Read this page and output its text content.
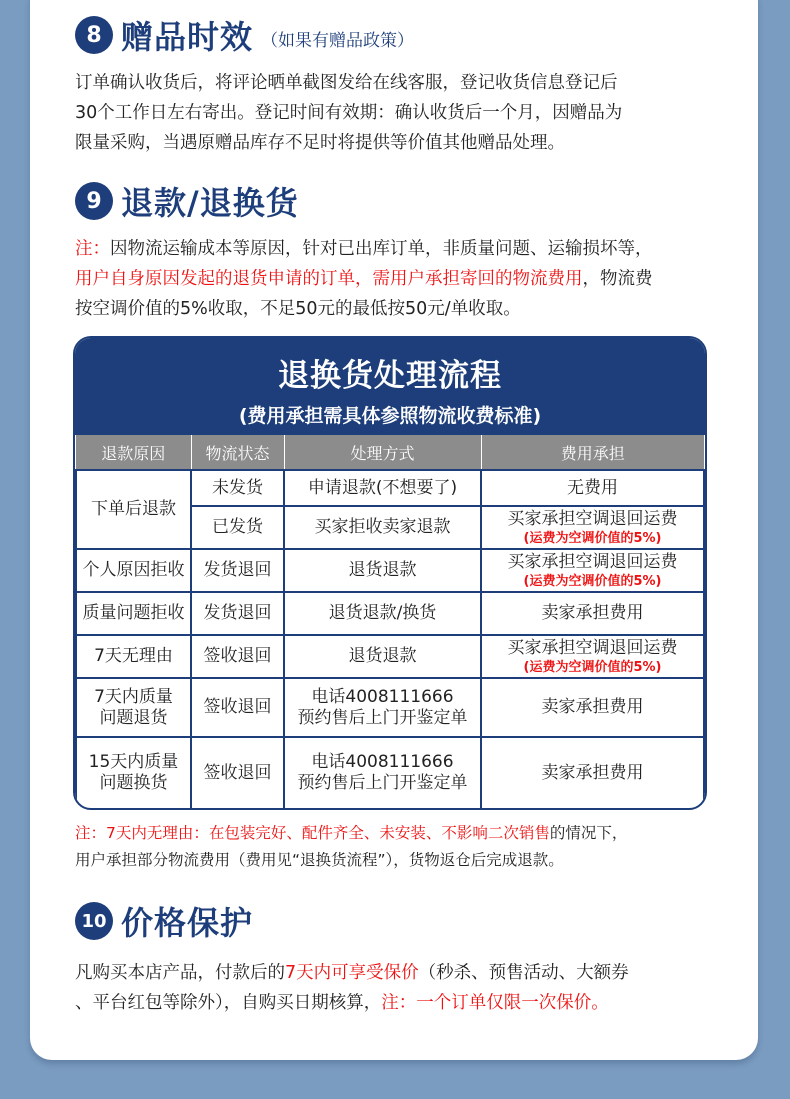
8 赠品时效 （如果有赠品政策）
订单确认收货后，将评论晒单截图发给在线客服，登记收货信息登记后
30个工作日左右寄出。登记时间有效期：确认收货后一个月，因赠品为
限量采购，当遇原赠品库存不足时将提供等价值其他赠品处理。
9 退款/退换货
注：因物流运输成本等原因，针对已出库订单，非质量问题、运输损坏等，
用户自身原因发起的退货申请的订单，需用户承担寄回的物流费用，物流费
按空调价值的5%收取，不足50元的最低按50元/单收取。
退换货处理流程
(费用承担需具体参照物流收费标准)
退款原因	物流状态	处理方式	费用承担
下单后退款	未发货	申请退款(不想要了)	无费用
	已发货	买家拒收卖家退款	买家承担空调退回运费
(运费为空调价值的5%)

个人原因拒收	发货退回	退货退款	买家承担空调退回运费
(运费为空调价值的5%)

质量问题拒收	发货退回	退货退款/换货	卖家承担费用
7天无理由	签收退回	退货退款	买家承担空调退回运费
(运费为空调价值的5%)

7天内质量
问题退货	签收退回	电话4008111666
预约售后上门开鉴定单	卖家承担费用

15天内质量
问题换货	签收退回	电话4008111666
预约售后上门开鉴定单	卖家承担费用
注：7天内无理由：在包装完好、配件齐全、未安装、不影响二次销售的情况下，
用户承担部分物流费用（费用见“退换货流程”），货物返仓后完成退款。
10 价格保护
凡购买本店产品，付款后的7天内可享受保价（秒杀、预售活动、大额券
、平台红包等除外），自购买日期核算，注：一个订单仅限一次保价。
